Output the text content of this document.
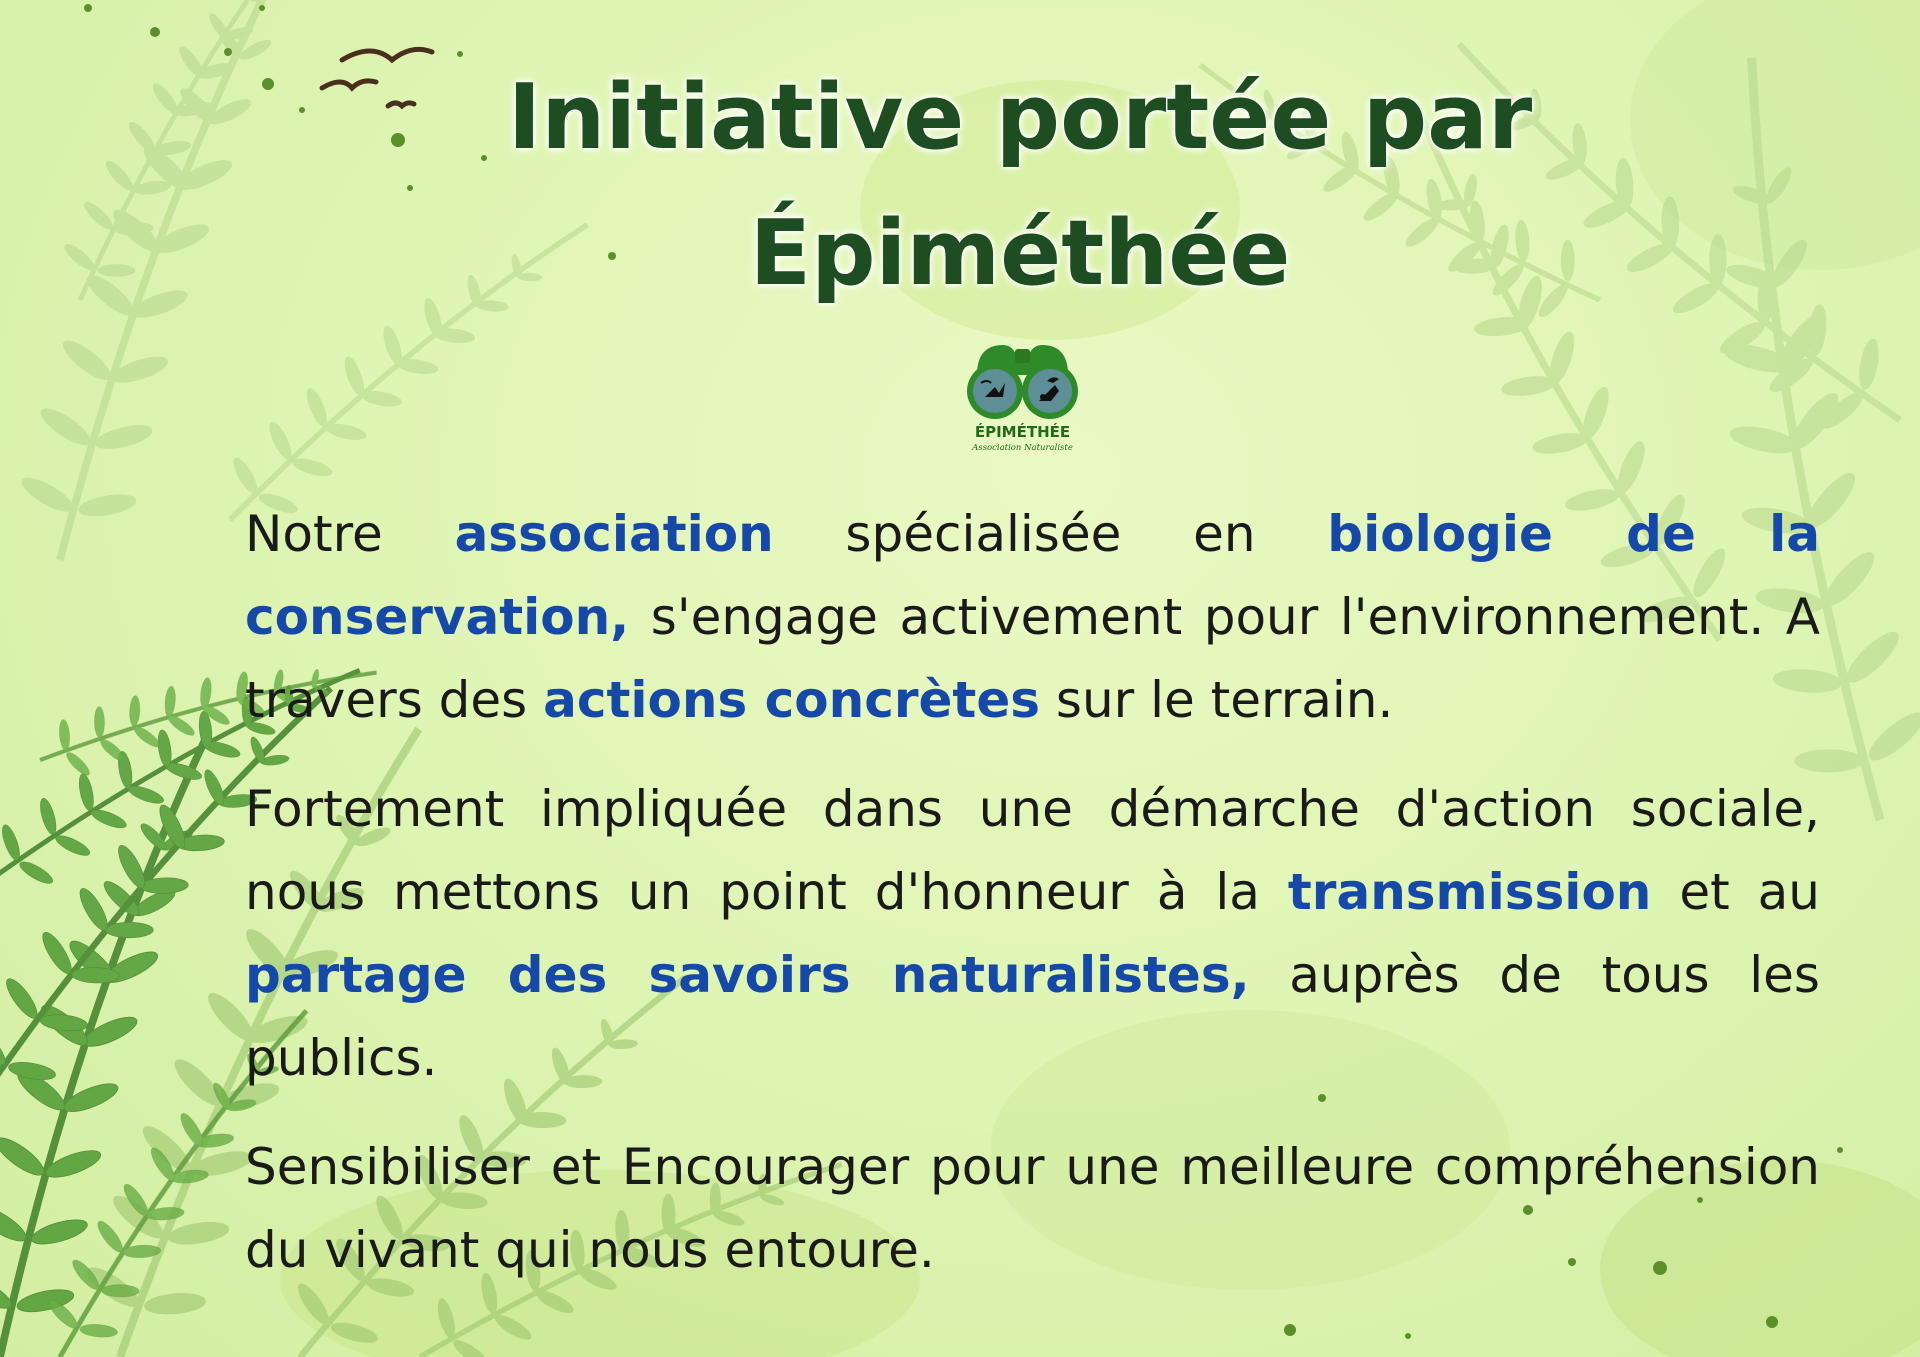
Initiative portée par
Épiméthée
ÉPIMÉTHÉE
Association Naturaliste

Notre association spécialisée en biologie de la conservation, s'engage activement pour l'environnement. A travers des actions concrètes sur le terrain.

Fortement impliquée dans une démarche d'action sociale, nous mettons un point d'honneur à la transmission et au partage des savoirs naturalistes, auprès de tous les publics.

Sensibiliser et Encourager pour une meilleure compréhension du vivant qui nous entoure.
